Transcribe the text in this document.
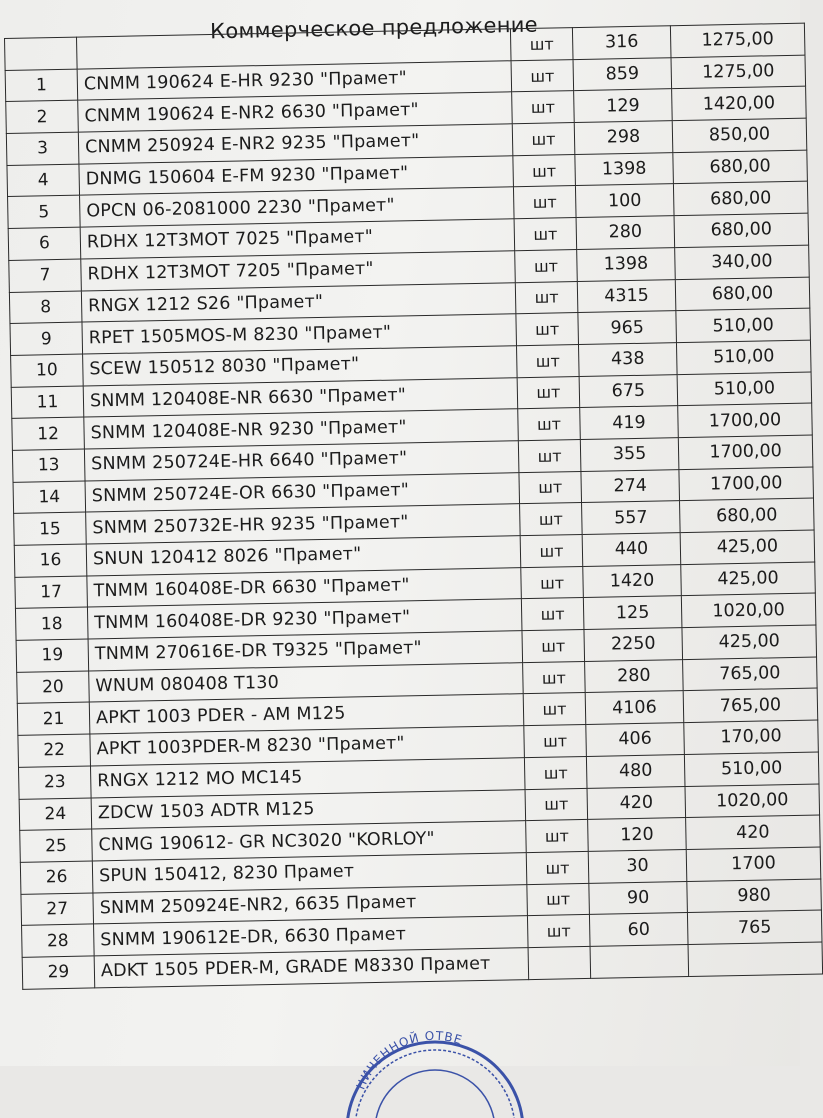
Коммерческое предложение
		шт	316	1275,00
1	CNMM 190624 E-HR 9230 "Прамет"	шт	859	1275,00
2	CNMM 190624 E-NR2 6630 "Прамет"	шт	129	1420,00
3	CNMM 250924 E-NR2 9235 "Прамет"	шт	298	850,00
4	DNMG 150604 E-FM 9230 "Прамет"	шт	1398	680,00
5	OPCN 06-2081000 2230 "Прамет"	шт	100	680,00
6	RDHX 12T3MOT 7025 "Прамет"	шт	280	680,00
7	RDHX 12T3MOT 7205 "Прамет"	шт	1398	340,00
8	RNGX 1212 S26 "Прамет"	шт	4315	680,00
9	RPET 1505MOS-M 8230 "Прамет"	шт	965	510,00
10	SCEW 150512 8030 "Прамет"	шт	438	510,00
11	SNMM 120408E-NR 6630 "Прамет"	шт	675	510,00
12	SNMM 120408E-NR 9230 "Прамет"	шт	419	1700,00
13	SNMM 250724E-HR 6640 "Прамет"	шт	355	1700,00
14	SNMM 250724E-OR 6630 "Прамет"	шт	274	1700,00
15	SNMM 250732E-HR 9235 "Прамет"	шт	557	680,00
16	SNUN 120412 8026 "Прамет"	шт	440	425,00
17	TNMM 160408E-DR 6630 "Прамет"	шт	1420	425,00
18	TNMM 160408E-DR 9230 "Прамет"	шт	125	1020,00
19	TNMM 270616E-DR T9325 "Прамет"	шт	2250	425,00
20	WNUM 080408 T130	шт	280	765,00
21	APKT 1003 PDER - AM M125	шт	4106	765,00
22	APKT 1003PDER-M 8230 "Прамет"	шт	406	170,00
23	RNGX 1212 MO MC145	шт	480	510,00
24	ZDCW 1503 ADTR M125	шт	420	1020,00
25	CNMG 190612- GR NC3020 "KORLOY"	шт	120	420
26	SPUN 150412, 8230 Прамет	шт	30	1700
27	SNMM 250924E-NR2, 6635 Прамет	шт	90	980
28	SNMM 190612E-DR, 6630 Прамет	шт	60	765
29	ADKT 1505 PDER-M, GRADE M8330 Прамет			
НИЧЕННОЙ ОТВЕ
